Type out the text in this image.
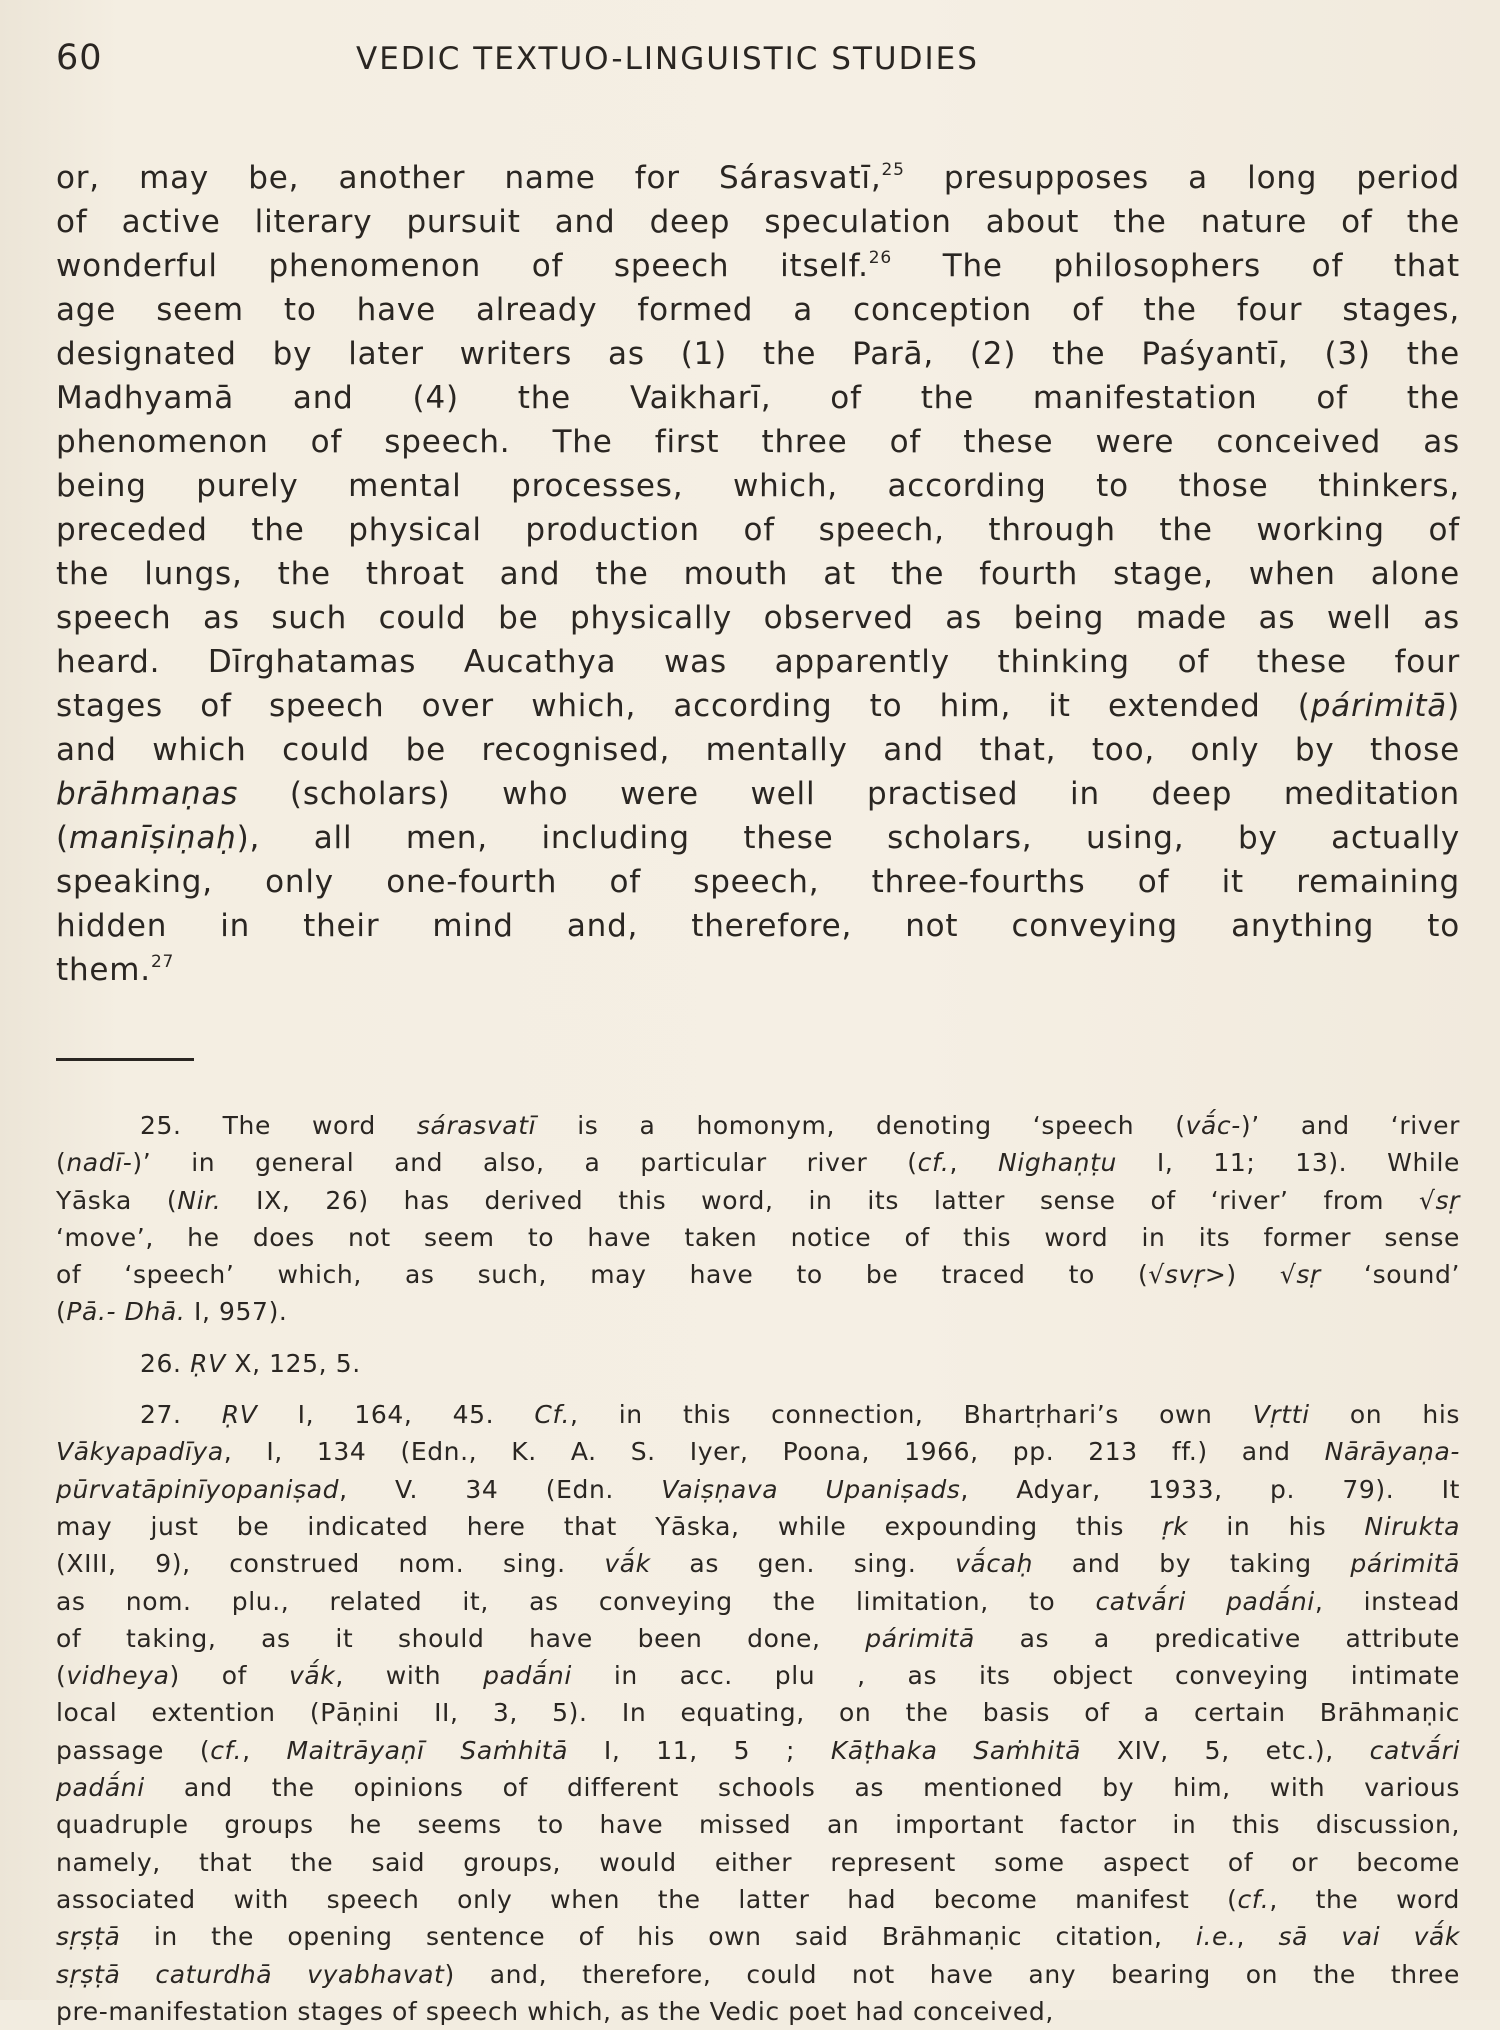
60	VEDIC TEXTUO-LINGUISTIC STUDIES
or, may be, another name for Sárasvatī,$^{25}$ presupposes a long period
of active literary pursuit and deep speculation about the nature of the
wonderful phenomenon of speech itself.$^{26}$ The philosophers of that
age seem to have already formed a conception of the four stages,
designated by later writers as (1) the Parā, (2) the Paśyantī, (3) the
Madhyamā and (4) the Vaikharī, of the manifestation of the
phenomenon of speech. The first three of these were conceived as
being purely mental processes, which, according to those thinkers,
preceded the physical production of speech, through the working of
the lungs, the throat and the mouth at the fourth stage, when alone
speech as such could be physically observed as being made as well as
heard. Dīrghatamas Aucathya was apparently thinking of these four
stages of speech over which, according to him, it extended (párimitā)
and which could be recognised, mentally and that, too, only by those
brāhmaṇas (scholars) who were well practised in deep meditation
(manīṣiṇaḥ), all men, including these scholars, using, by actually
speaking, only one-fourth of speech, three-fourths of it remaining
hidden in their mind and, therefore, not conveying anything to
them.$^{27}$
25. The word sárasvatī is a homonym, denoting ‘speech (vā́c-)’ and ‘river
(nadī-)’ in general and also, a particular river (cf., Nighaṇṭu I, 11; 13). While
Yāska (Nir. IX, 26) has derived this word, in its latter sense of ‘river’ from √sṛ
‘move’, he does not seem to have taken notice of this word in its former sense
of ‘speech’ which, as such, may have to be traced to (√svṛ>) √sṛ ‘sound’
(Pā.- Dhā. I, 957).
26. ṚV X, 125, 5.
27. ṚV I, 164, 45. Cf., in this connection, Bhartṛhari’s own Vṛtti on his
Vākyapadīya, I, 134 (Edn., K. A. S. Iyer, Poona, 1966, pp. 213 ff.) and Nārāyaṇa-
pūrvatāpinīyopaniṣad, V. 34 (Edn. Vaiṣṇava Upaniṣads, Adyar, 1933, p. 79). It
may just be indicated here that Yāska, while expounding this ṛk in his Nirukta
(XIII, 9), construed nom. sing. vā́k as gen. sing. vā́caḥ and by taking párimitā
as nom. plu., related it, as conveying the limitation, to catvā́ri padā́ni, instead
of taking, as it should have been done, párimitā as a predicative attribute
(vidheya) of vā́k, with padā́ni in acc. plu , as its object conveying intimate
local extention (Pāṇini II, 3, 5). In equating, on the basis of a certain Brāhmaṇic
passage (cf., Maitrāyaṇī Saṁhitā I, 11, 5 ; Kāṭhaka Saṁhitā XIV, 5, etc.), catvā́ri
padā́ni and the opinions of different schools as mentioned by him, with various
quadruple groups he seems to have missed an important factor in this discussion,
namely, that the said groups, would either represent some aspect of or become
associated with speech only when the latter had become manifest (cf., the word
sṛṣṭā in the opening sentence of his own said Brāhmaṇic citation, i.e., sā vai vā́k
sṛṣṭā caturdhā vyabhavat) and, therefore, could not have any bearing on the three
pre-manifestation stages of speech which, as the Vedic poet had conceived,
